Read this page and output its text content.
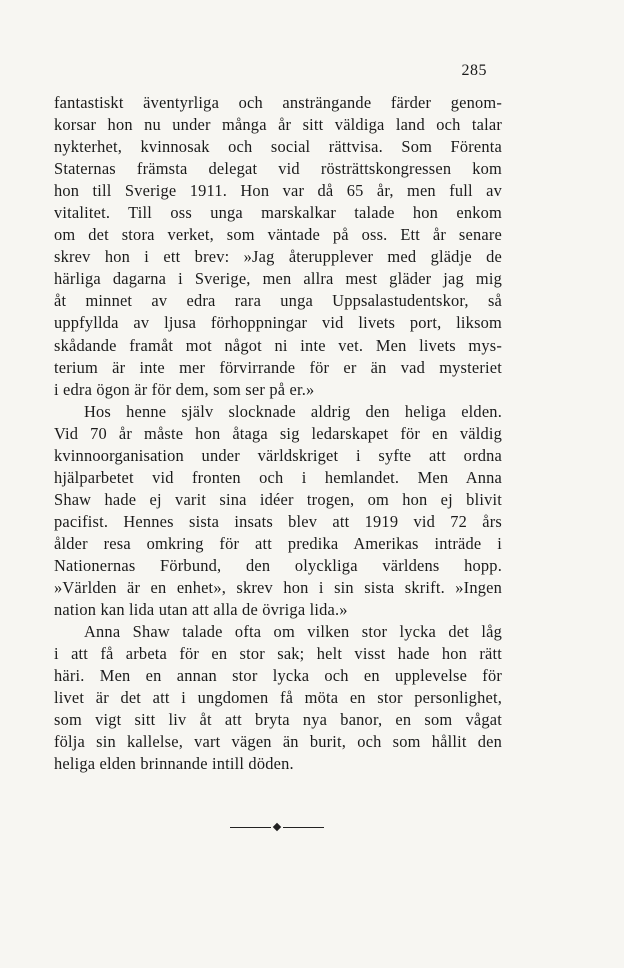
285
fantastiskt äventyrliga och ansträngande färder genom-
korsar hon nu under många år sitt väldiga land och talar
nykterhet, kvinnosak och social rättvisa. Som Förenta
Staternas främsta delegat vid rösträttskongressen kom
hon till Sverige 1911. Hon var då 65 år, men full av
vitalitet. Till oss unga marskalkar talade hon enkom
om det stora verket, som väntade på oss. Ett år senare
skrev hon i ett brev: »Jag återupplever med glädje de
härliga dagarna i Sverige, men allra mest gläder jag mig
åt minnet av edra rara unga Uppsalastudentskor, så
uppfyllda av ljusa förhoppningar vid livets port, liksom
skådande framåt mot något ni inte vet. Men livets mys-
terium är inte mer förvirrande för er än vad mysteriet
i edra ögon är för dem, som ser på er.»
Hos henne själv slocknade aldrig den heliga elden.
Vid 70 år måste hon åtaga sig ledarskapet för en väldig
kvinnoorganisation under världskriget i syfte att ordna
hjälparbetet vid fronten och i hemlandet. Men Anna
Shaw hade ej varit sina idéer trogen, om hon ej blivit
pacifist. Hennes sista insats blev att 1919 vid 72 års
ålder resa omkring för att predika Amerikas inträde i
Nationernas Förbund, den olyckliga världens hopp.
»Världen är en enhet», skrev hon i sin sista skrift. »Ingen
nation kan lida utan att alla de övriga lida.»
Anna Shaw talade ofta om vilken stor lycka det låg
i att få arbeta för en stor sak; helt visst hade hon rätt
häri. Men en annan stor lycka och en upplevelse för
livet är det att i ungdomen få möta en stor personlighet,
som vigt sitt liv åt att bryta nya banor, en som vågat
följa sin kallelse, vart vägen än burit, och som hållit den
heliga elden brinnande intill döden.
